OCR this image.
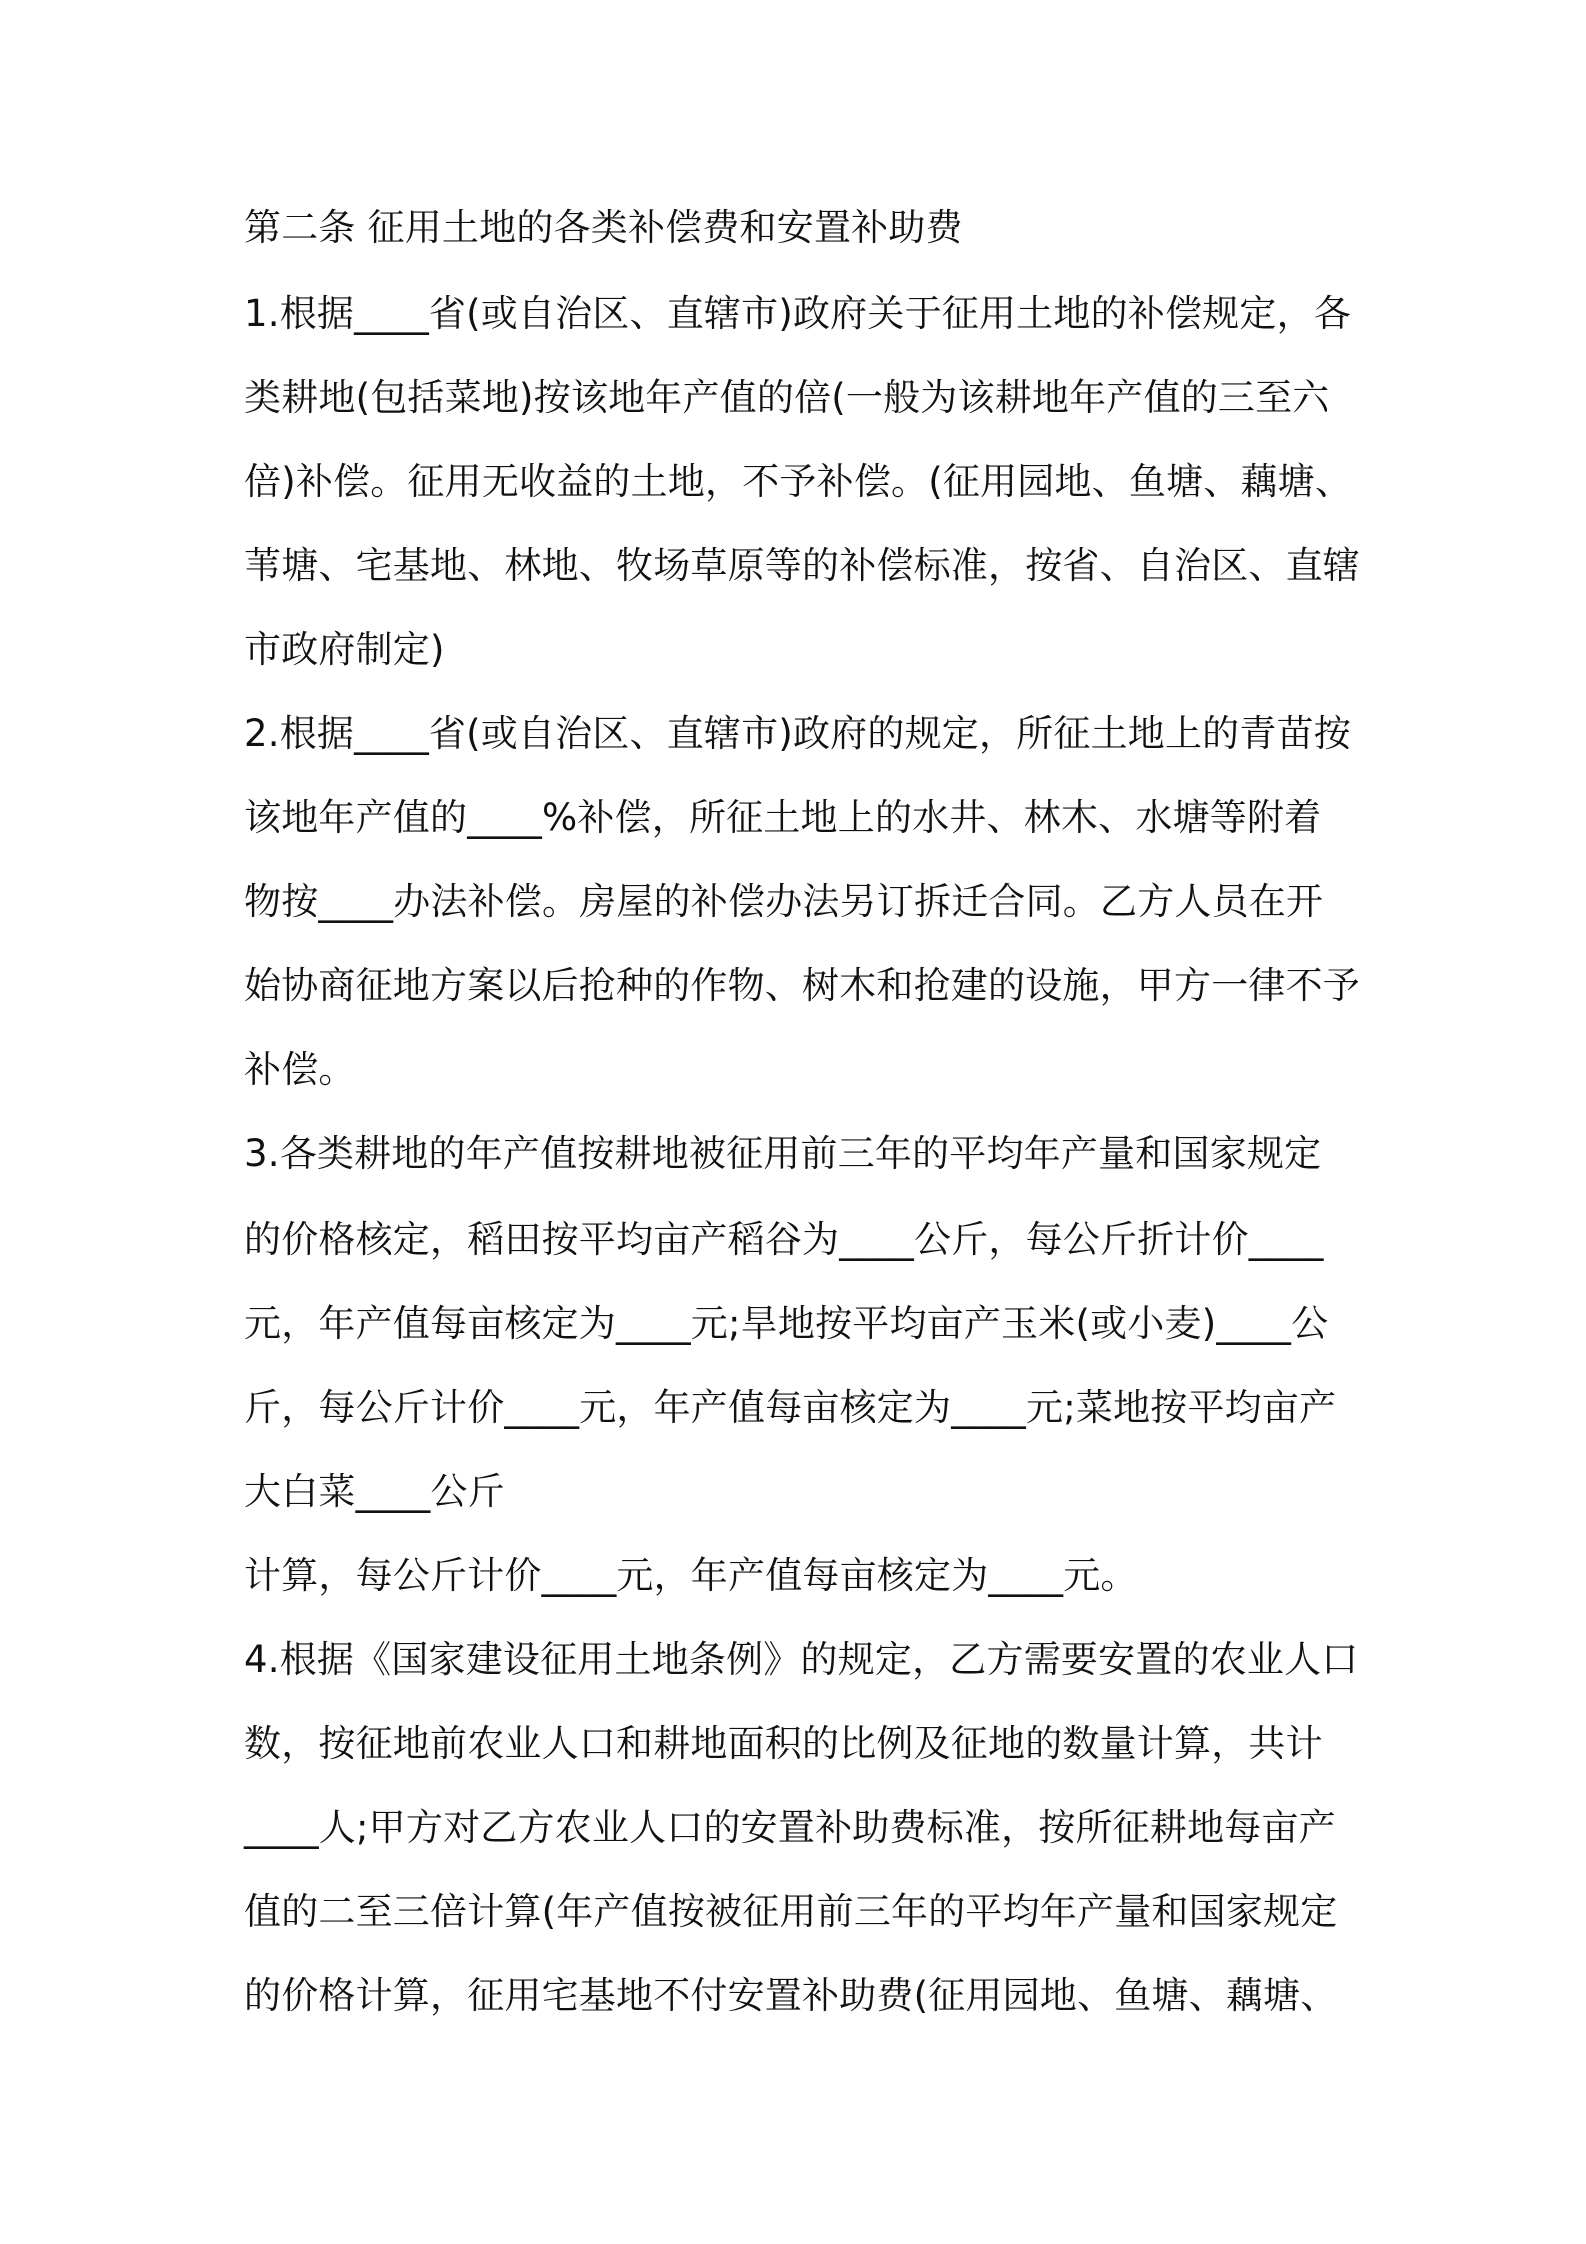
第二条 征用土地的各类补偿费和安置补助费
1.根据____省(或自治区、直辖市)政府关于征用土地的补偿规定，各
类耕地(包括菜地)按该地年产值的倍(一般为该耕地年产值的三至六
倍)补偿。征用无收益的土地，不予补偿。(征用园地、鱼塘、藕塘、
苇塘、宅基地、林地、牧场草原等的补偿标准，按省、自治区、直辖
市政府制定)
2.根据____省(或自治区、直辖市)政府的规定，所征土地上的青苗按
该地年产值的____%补偿，所征土地上的水井、林木、水塘等附着
物按____办法补偿。房屋的补偿办法另订拆迁合同。乙方人员在开
始协商征地方案以后抢种的作物、树木和抢建的设施，甲方一律不予
补偿。
3.各类耕地的年产值按耕地被征用前三年的平均年产量和国家规定
的价格核定，稻田按平均亩产稻谷为____公斤，每公斤折计价____
元，年产值每亩核定为____元;旱地按平均亩产玉米(或小麦)____公
斤，每公斤计价____元，年产值每亩核定为____元;菜地按平均亩产
大白菜____公斤
计算，每公斤计价____元，年产值每亩核定为____元。
4.根据《国家建设征用土地条例》的规定，乙方需要安置的农业人口
数，按征地前农业人口和耕地面积的比例及征地的数量计算，共计
____人;甲方对乙方农业人口的安置补助费标准，按所征耕地每亩产
值的二至三倍计算(年产值按被征用前三年的平均年产量和国家规定
的价格计算，征用宅基地不付安置补助费(征用园地、鱼塘、藕塘、
